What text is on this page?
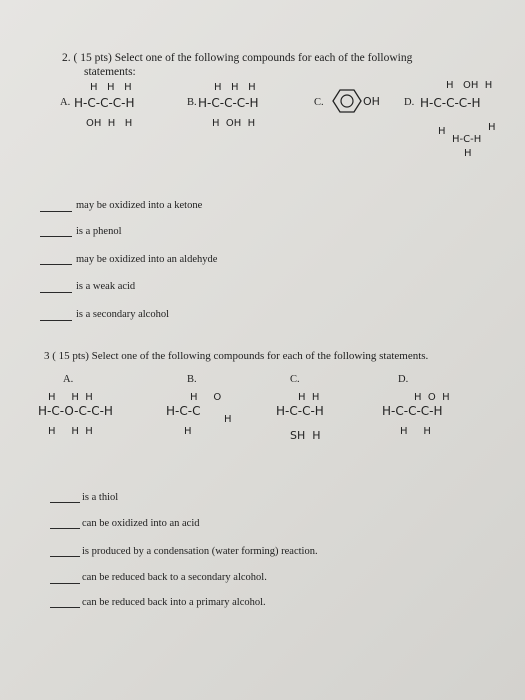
2. ( 15 pts) Select one of the following compounds for each of the following
statements:
A.	B.	C.	D.
H   H   H
H-C-C-C-H
OH  H   H
H   H   H
H-C-C-C-H
H  OH  H
OH
H   OH  H
H-C-C-C-H
H	H
H-C-H
H
may be oxidized into a ketone
is a phenol
may be oxidized into an aldehyde
is a weak acid
is a secondary alcohol
3 ( 15 pts) Select one of the following compounds for each of the following statements.
A.	B.	C.	D.
H     H  H
H-C-O-C-C-H
H     H  H
H     O
H-C-C
H
H
H  H
H-C-C-H
SH  H
H  O  H
H-C-C-C-H
H     H
is a thiol
can be oxidized into an acid
is produced by a condensation (water forming) reaction.
can be reduced back to a secondary alcohol.
can be reduced back into a primary alcohol.
